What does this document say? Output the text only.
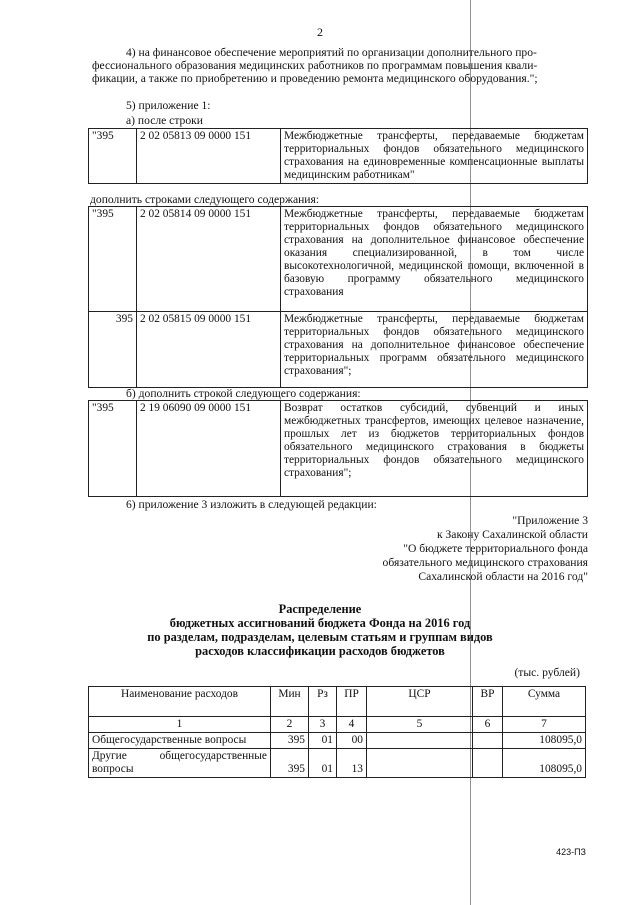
2
4) на финансовое обеспечение мероприятий по организации дополнительного про-
фессионального образования медицинских работников по программам повышения квали-
фикации, а также по приобретению и проведению ремонта медицинского оборудования.";
5) приложение 1:
а) после строки
"395	2 02 05813 09 0000 151	Межбюджетные трансферты, передаваемые бюджетам территориальных фондов обязательного медицинского страхования на единовременные компенсационные выплаты медицинским работникам"
дополнить строками следующего содержания:
"395	2 02 05814 09 0000 151	Межбюджетные трансферты, передаваемые бюджетам территориальных фондов обязательного медицинского страхования на дополнительное финансовое обеспечение оказания специализированной, в том числе высокотехнологичной, медицинской помощи, включенной в базовую программу обязательного медицинского страхования
395	2 02 05815 09 0000 151	Межбюджетные трансферты, передаваемые бюджетам территориальных фондов обязательного медицинского страхования на дополнительное финансовое обеспечение территориальных программ обязательного медицинского страхования";
б) дополнить строкой следующего содержания:
"395	2 19 06090 09 0000 151	Возврат остатков субсидий, субвенций и иных межбюджетных трансфертов, имеющих целевое назначение, прошлых лет из бюджетов территориальных фондов обязательного медицинского страхования в бюджеты территориальных фондов обязательного медицинского страхования";
6) приложение 3 изложить в следующей редакции:
"Приложение 3
к Закону Сахалинской области
"О бюджете территориального фонда
обязательного медицинского страхования
Сахалинской области на 2016 год"
Распределение
бюджетных ассигнований бюджета Фонда на 2016 год
по разделам, подразделам, целевым статьям и группам видов
расходов классификации расходов бюджетов
(тыс. рублей)
Наименование расходов	Мин	Рз	ПР	ЦСР	ВР	Сумма
1	2	3	4	5	6	7
Общегосударственные вопросы	395	01	00			108095,0
Другие общегосударственные вопросы	395	01	13			108095,0
423-ПЗ
